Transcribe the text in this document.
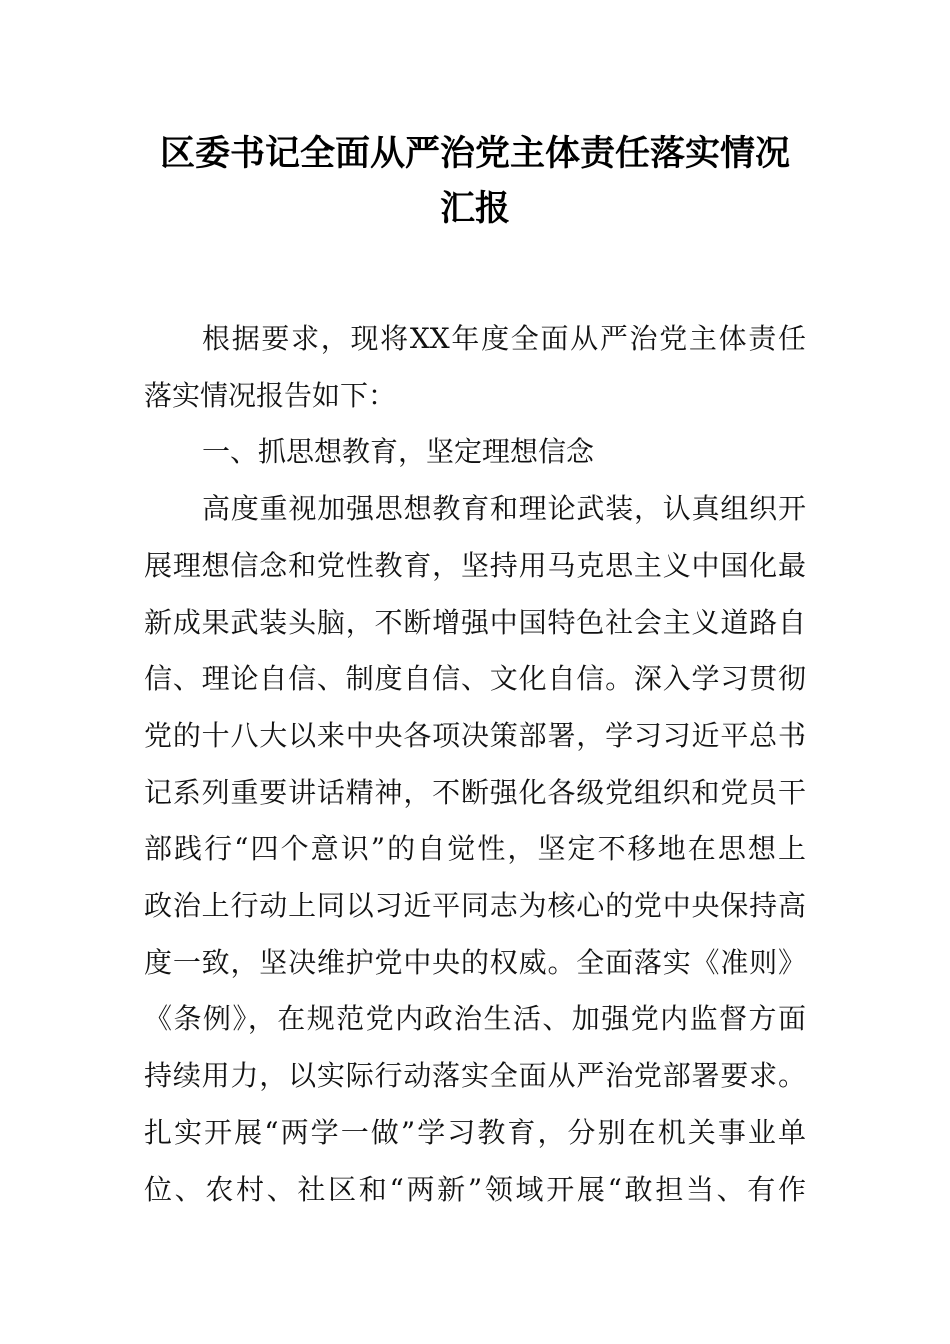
区委书记全面从严治党主体责任落实情况
汇报
根据要求，现将XX年度全面从严治党主体责任
落实情况报告如下：
一、抓思想教育，坚定理想信念
高度重视加强思想教育和理论武装，认真组织开
展理想信念和党性教育，坚持用马克思主义中国化最
新成果武装头脑，不断增强中国特色社会主义道路自
信、理论自信、制度自信、文化自信。深入学习贯彻
党的十八大以来中央各项决策部署，学习习近平总书
记系列重要讲话精神，不断强化各级党组织和党员干
部践行“四个意识”的自觉性，坚定不移地在思想上
政治上行动上同以习近平同志为核心的党中央保持高
度一致，坚决维护党中央的权威。全面落实《准则》
《条例》，在规范党内政治生活、加强党内监督方面
持续用力，以实际行动落实全面从严治党部署要求。
扎实开展“两学一做”学习教育，分别在机关事业单
位、农村、社区和“两新”领域开展“敢担当、有作
